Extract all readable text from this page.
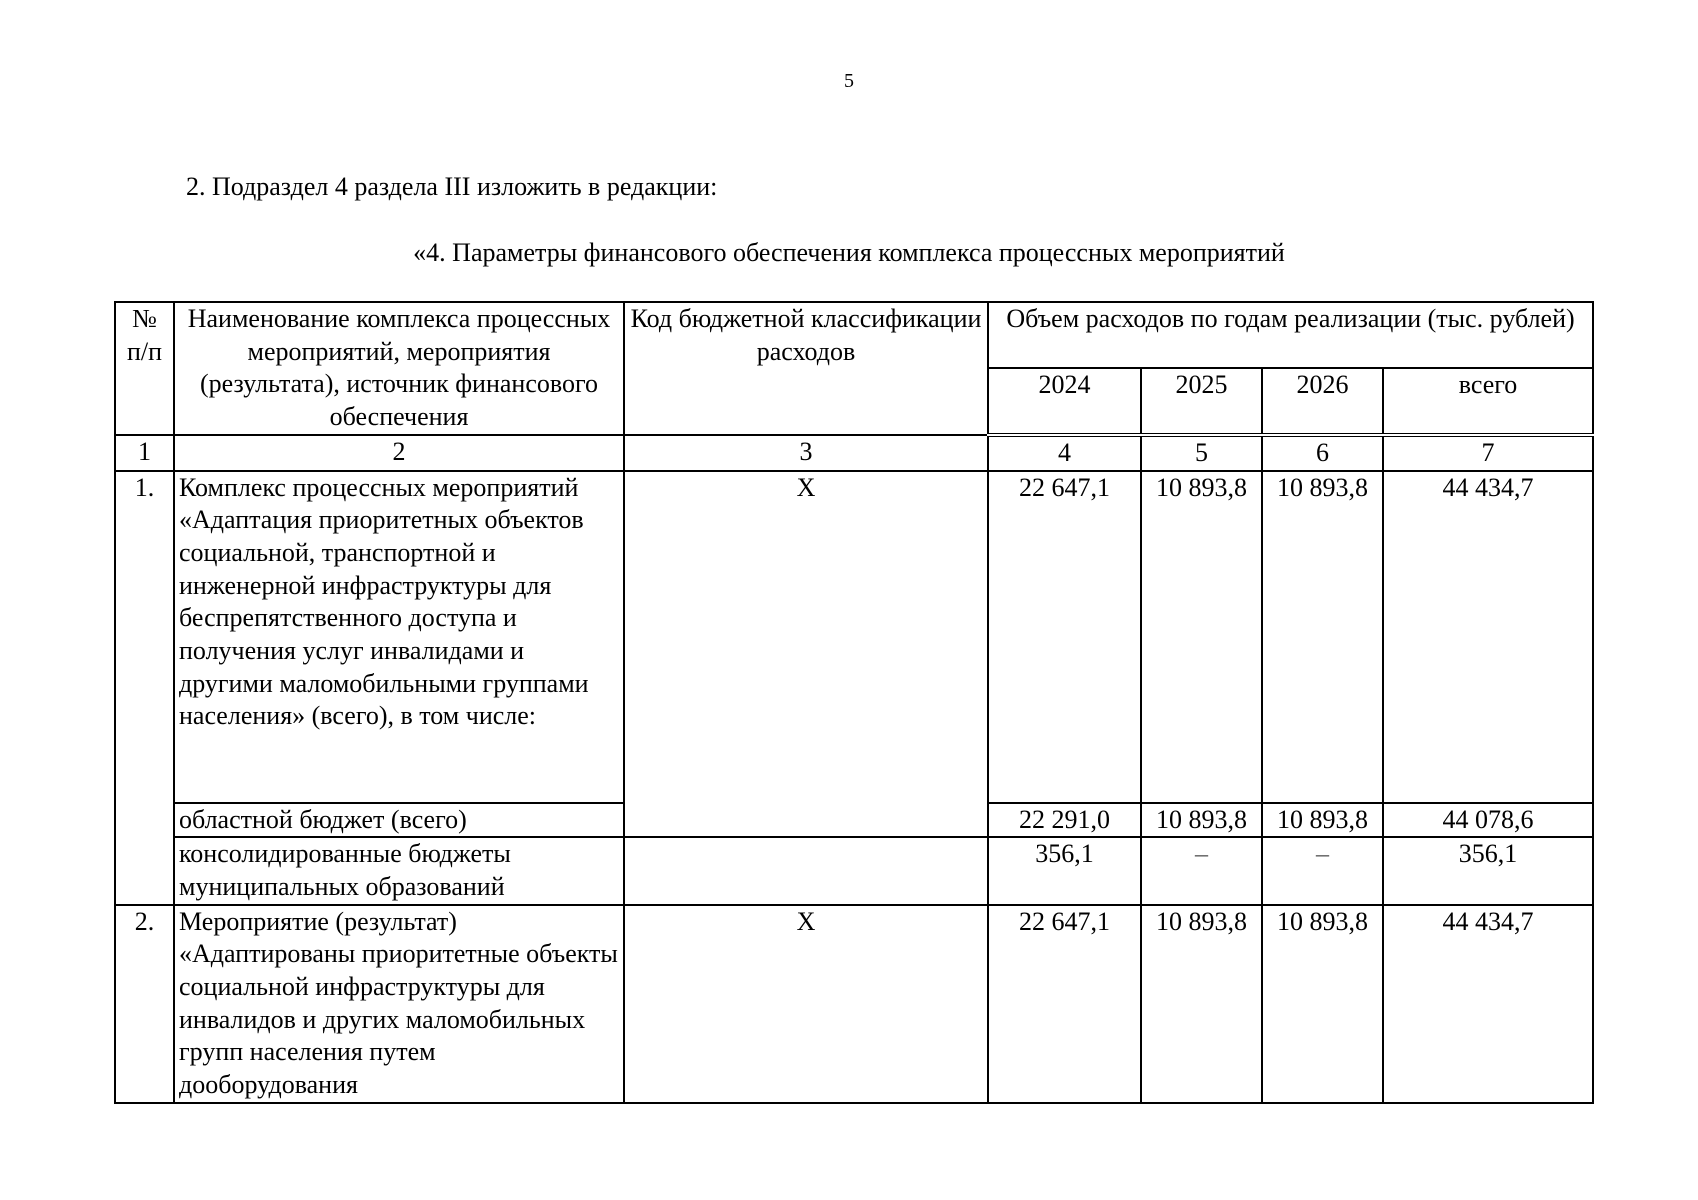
5
2. Подраздел 4 раздела III изложить в редакции:
«4. Параметры финансового обеспечения комплекса процессных мероприятий
№ п/п	Наименование комплекса процессных мероприятий, мероприятия (результата), источник финансового обеспечения	Код бюджетной классификации расходов	Объем расходов по годам реализации (тыс. рублей)			
			2024	2025	2026	всего
1	2	3	4	5	6	7
1.	Комплекс процессных мероприятий «Адаптация приоритетных объектов социальной, транспортной и инженерной инфраструктуры для беспрепятственного доступа и получения услуг инвалидами и другими маломобильными группами населения» (всего), в том числе:	Х	22 647,1	10 893,8	10 893,8	44 434,7
	областной бюджет (всего)		22 291,0	10 893,8	10 893,8	44 078,6
	консолидированные бюджеты муниципальных образований		356,1	–	–	356,1
2.	Мероприятие (результат) «Адаптированы приоритетные объекты социальной инфраструктуры для инвалидов и других маломобильных групп населения путем дооборудования	Х	22 647,1	10 893,8	10 893,8	44 434,7
